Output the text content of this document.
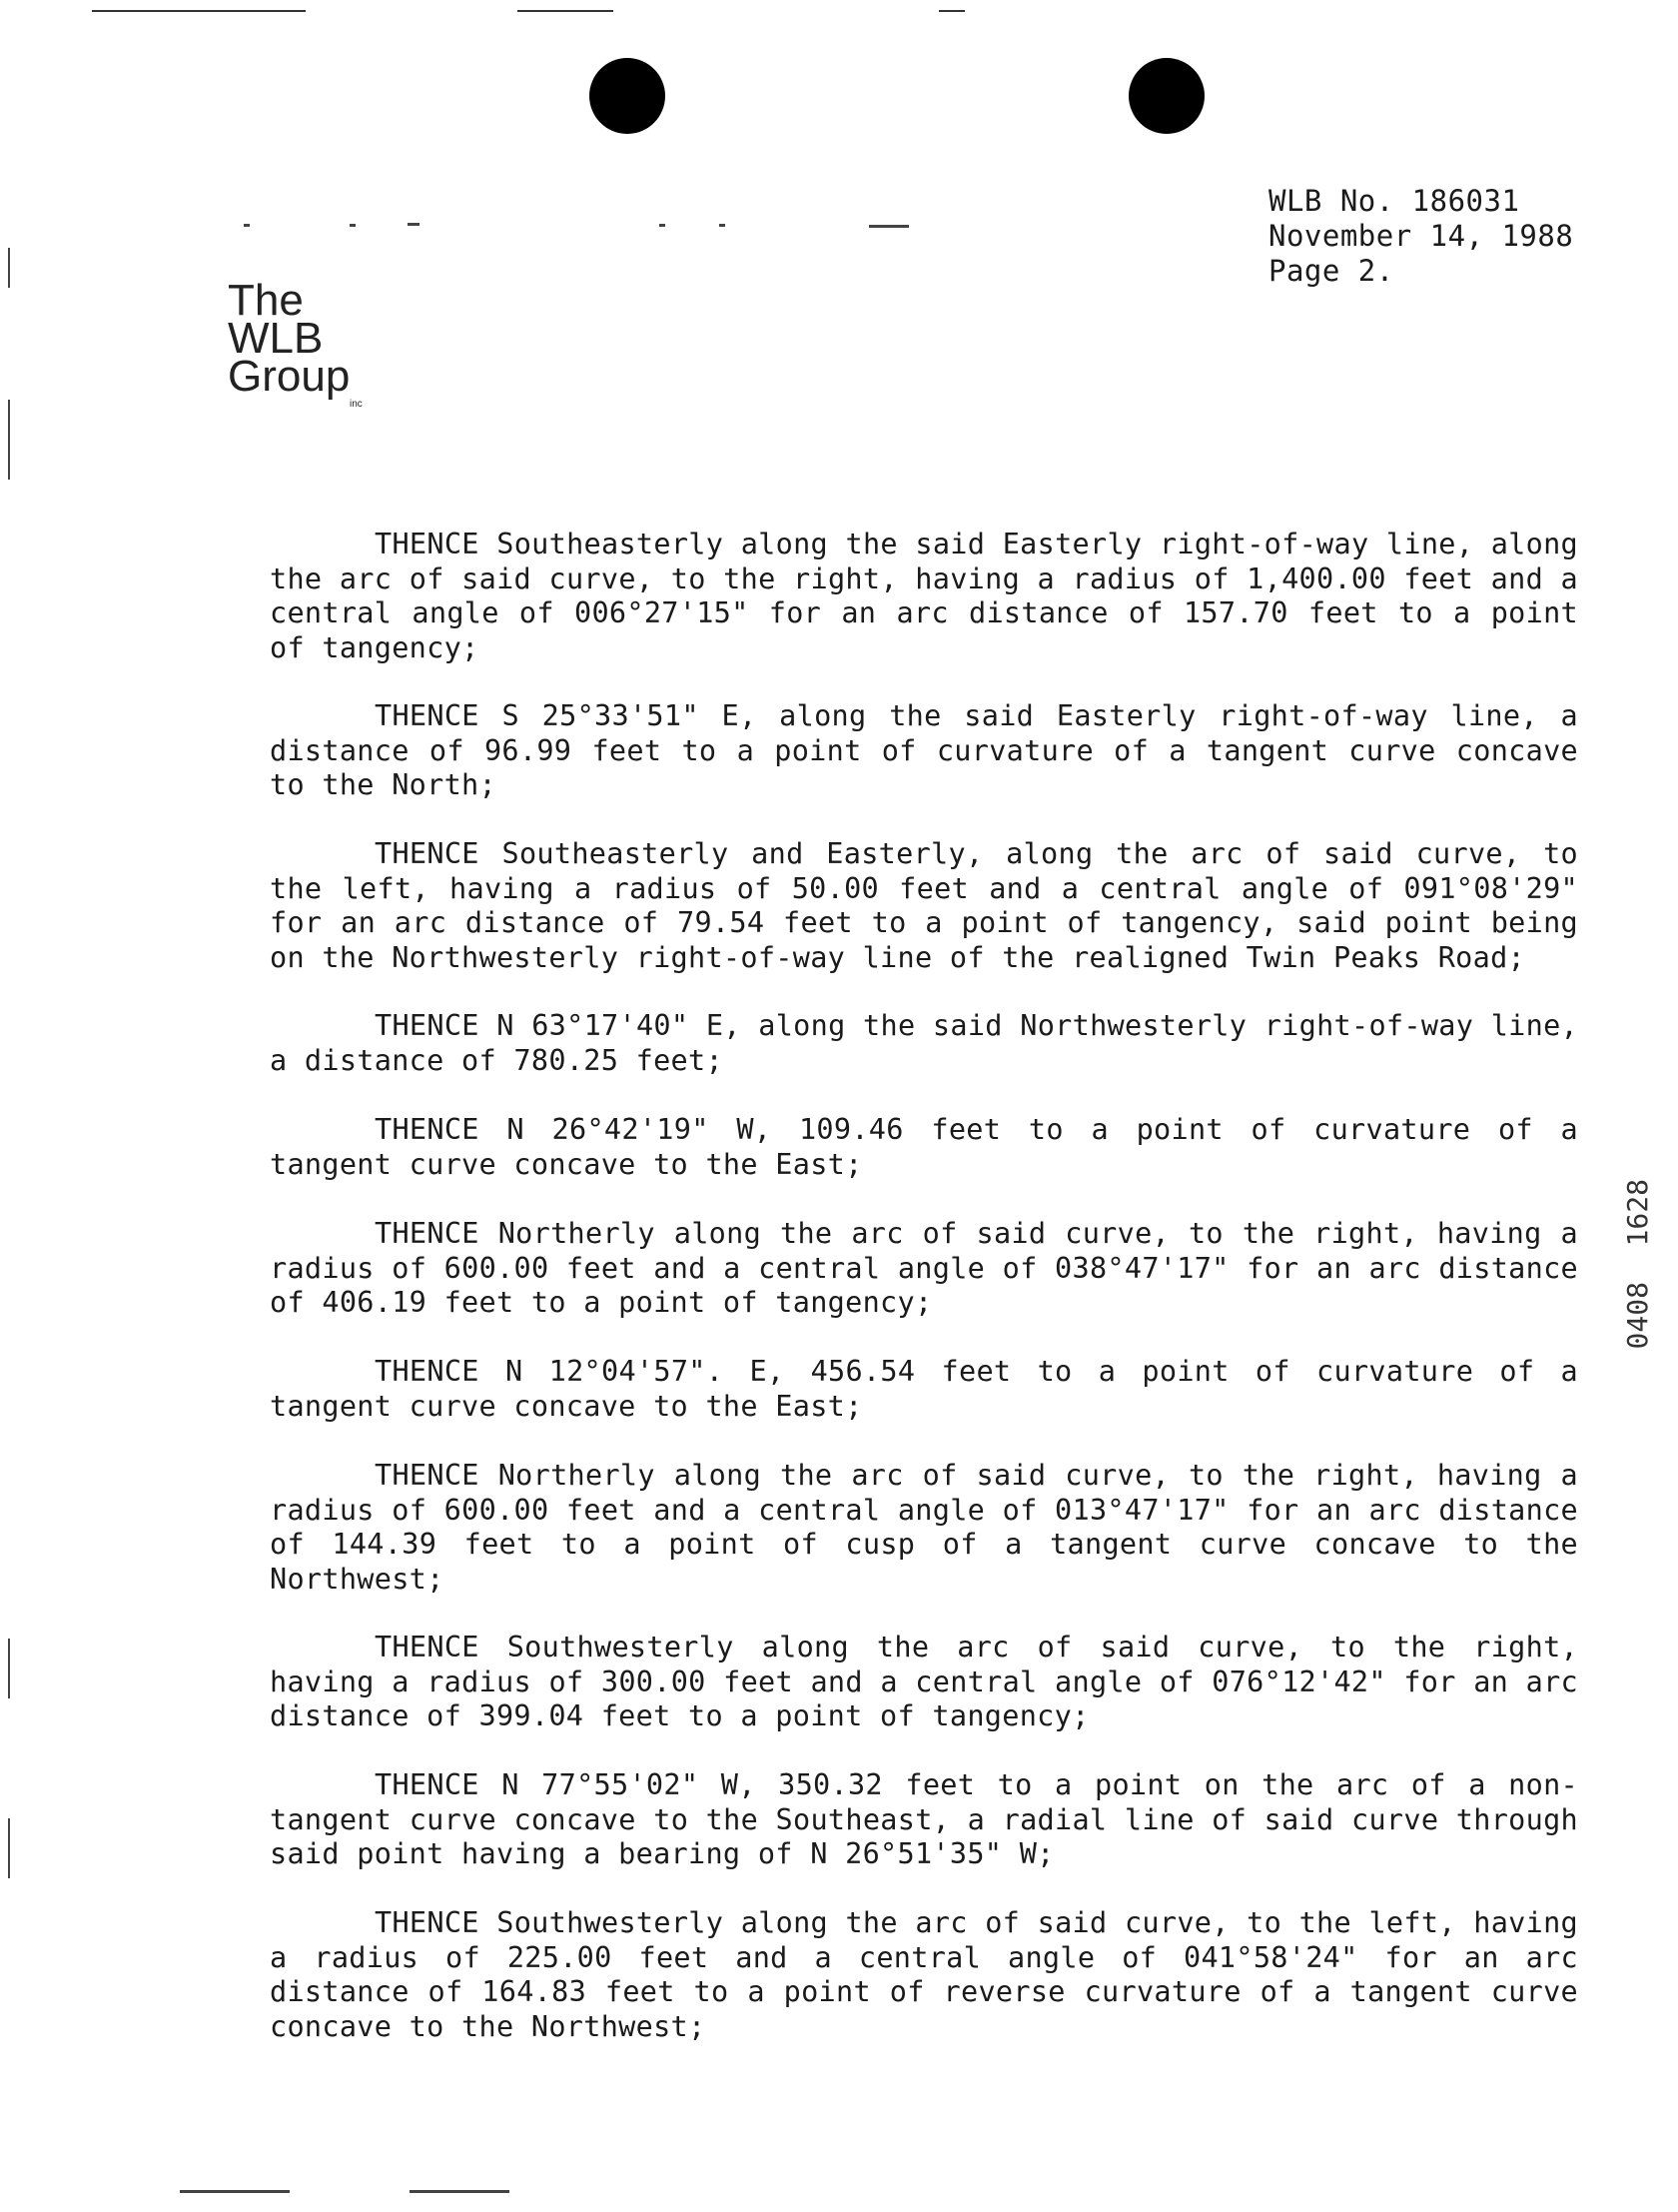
WLB No. 186031
November 14, 1988
Page 2.
The
WLB
Group
inc
THENCE Southeasterly along the said Easterly right-of-way line, along the arc of said curve, to the right, having a radius of 1,400.00 feet and a central angle of 006°27'15" for an arc distance of 157.70 feet to a point of tangency;
THENCE S 25°33'51" E, along the said Easterly right-of-way line, a distance of 96.99 feet to a point of curvature of a tangent curve concave to the North;
THENCE Southeasterly and Easterly, along the arc of said curve, to the left, having a radius of 50.00 feet and a central angle of 091°08'29" for an arc distance of 79.54 feet to a point of tangency, said point being on the Northwesterly right-of-way line of the realigned Twin Peaks Road;
THENCE N 63°17'40" E, along the said Northwesterly right-of-way line, a distance of 780.25 feet;
THENCE N 26°42'19" W, 109.46 feet to a point of curvature of a tangent curve concave to the East;
THENCE Northerly along the arc of said curve, to the right, having a radius of 600.00 feet and a central angle of 038°47'17" for an arc distance of 406.19 feet to a point of tangency;
THENCE N 12°04'57". E, 456.54 feet to a point of curvature of a tangent curve concave to the East;
THENCE Northerly along the arc of said curve, to the right, having a radius of 600.00 feet and a central angle of 013°47'17" for an arc distance of 144.39 feet to a point of cusp of a tangent curve concave to the Northwest;
THENCE Southwesterly along the arc of said curve, to the right, having a radius of 300.00 feet and a central angle of 076°12'42" for an arc distance of 399.04 feet to a point of tangency;
THENCE N 77°55'02" W, 350.32 feet to a point on the arc of a non-tangent curve concave to the Southeast, a radial line of said curve through said point having a bearing of N 26°51'35" W;
THENCE Southwesterly along the arc of said curve, to the left, having a radius of 225.00 feet and a central angle of 041°58'24" for an arc distance of 164.83 feet to a point of reverse curvature of a tangent curve concave to the Northwest;
1628
0408
